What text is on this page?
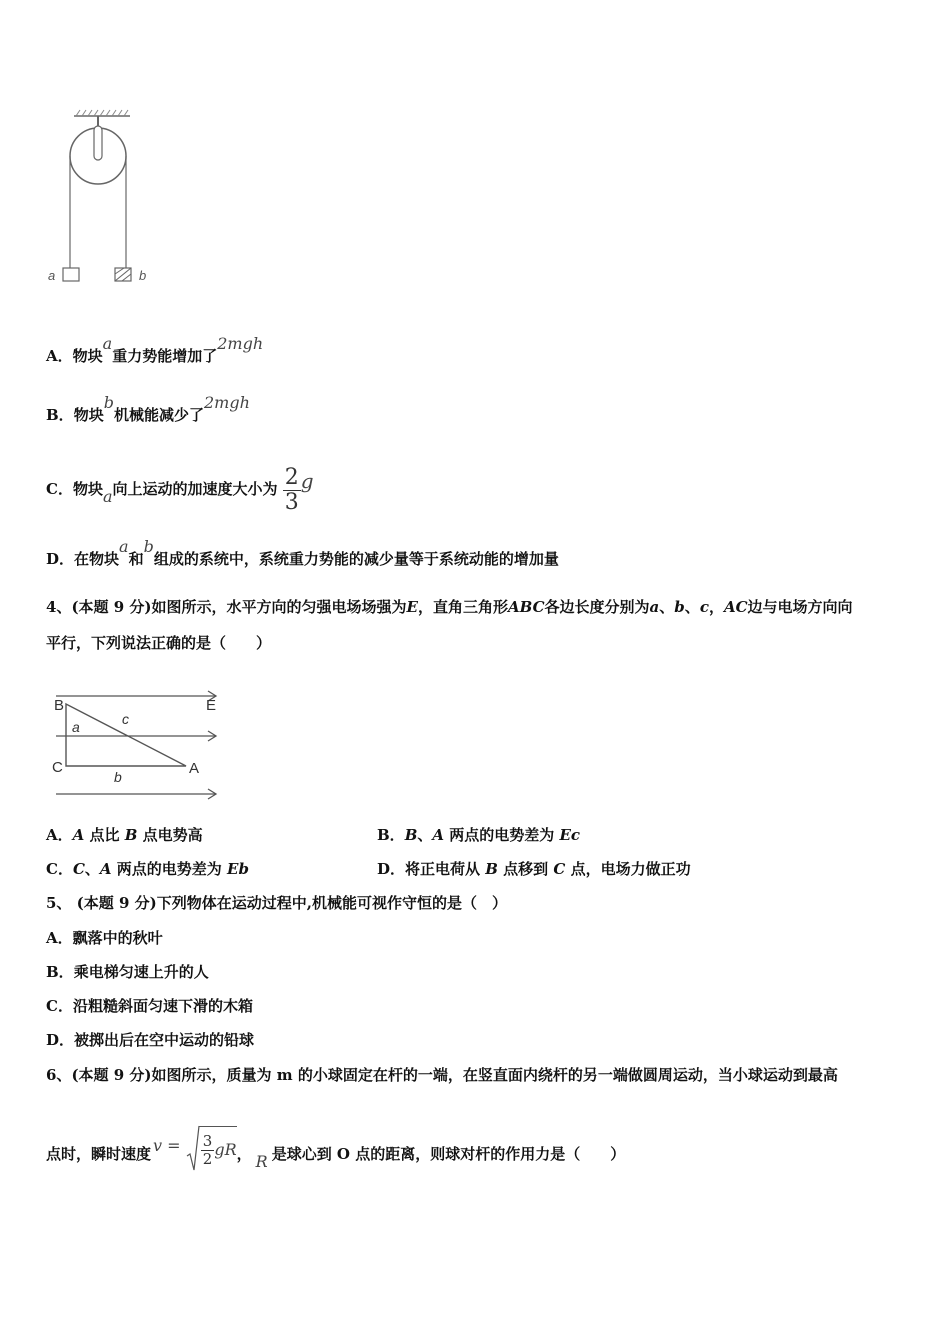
a	b
A．物块a重力势能增加了2mgh
B．物块b机械能减少了2mgh
C．物块a向上运动的加速度大小为 $\frac{2}{3}$ g
D．在物块a和b组成的系统中，系统重力势能的减少量等于系统动能的增加量
4、(本题 9 分)如图所示，水平方向的匀强电场场强为E，直角三角形ABC各边长度分别为a、b、c，AC边与电场方向向
平行，下列说法正确的是（　　）
B	E
a	c
C
b	A
A．A 点比 B 点电势高	B．B、A 两点的电势差为 Ec
C．C、A 两点的电势差为 Eb	D．将正电荷从 B 点移到 C 点，电场力做正功
5、 (本题 9 分)下列物体在运动过程中,机械能可视作守恒的是（　）
A．飘落中的秋叶
B．乘电梯匀速上升的人
C．沿粗糙斜面匀速下滑的木箱
D．被掷出后在空中运动的铅球
6、(本题 9 分)如图所示，质量为 m 的小球固定在杆的一端，在竖直面内绕杆的另一端做圆周运动，当小球运动到最高
点时，瞬时速度 $v = \frac{3}{2}$ gR， R 是球心到 O 点的距离，则球对杆的作用力是（　　）
